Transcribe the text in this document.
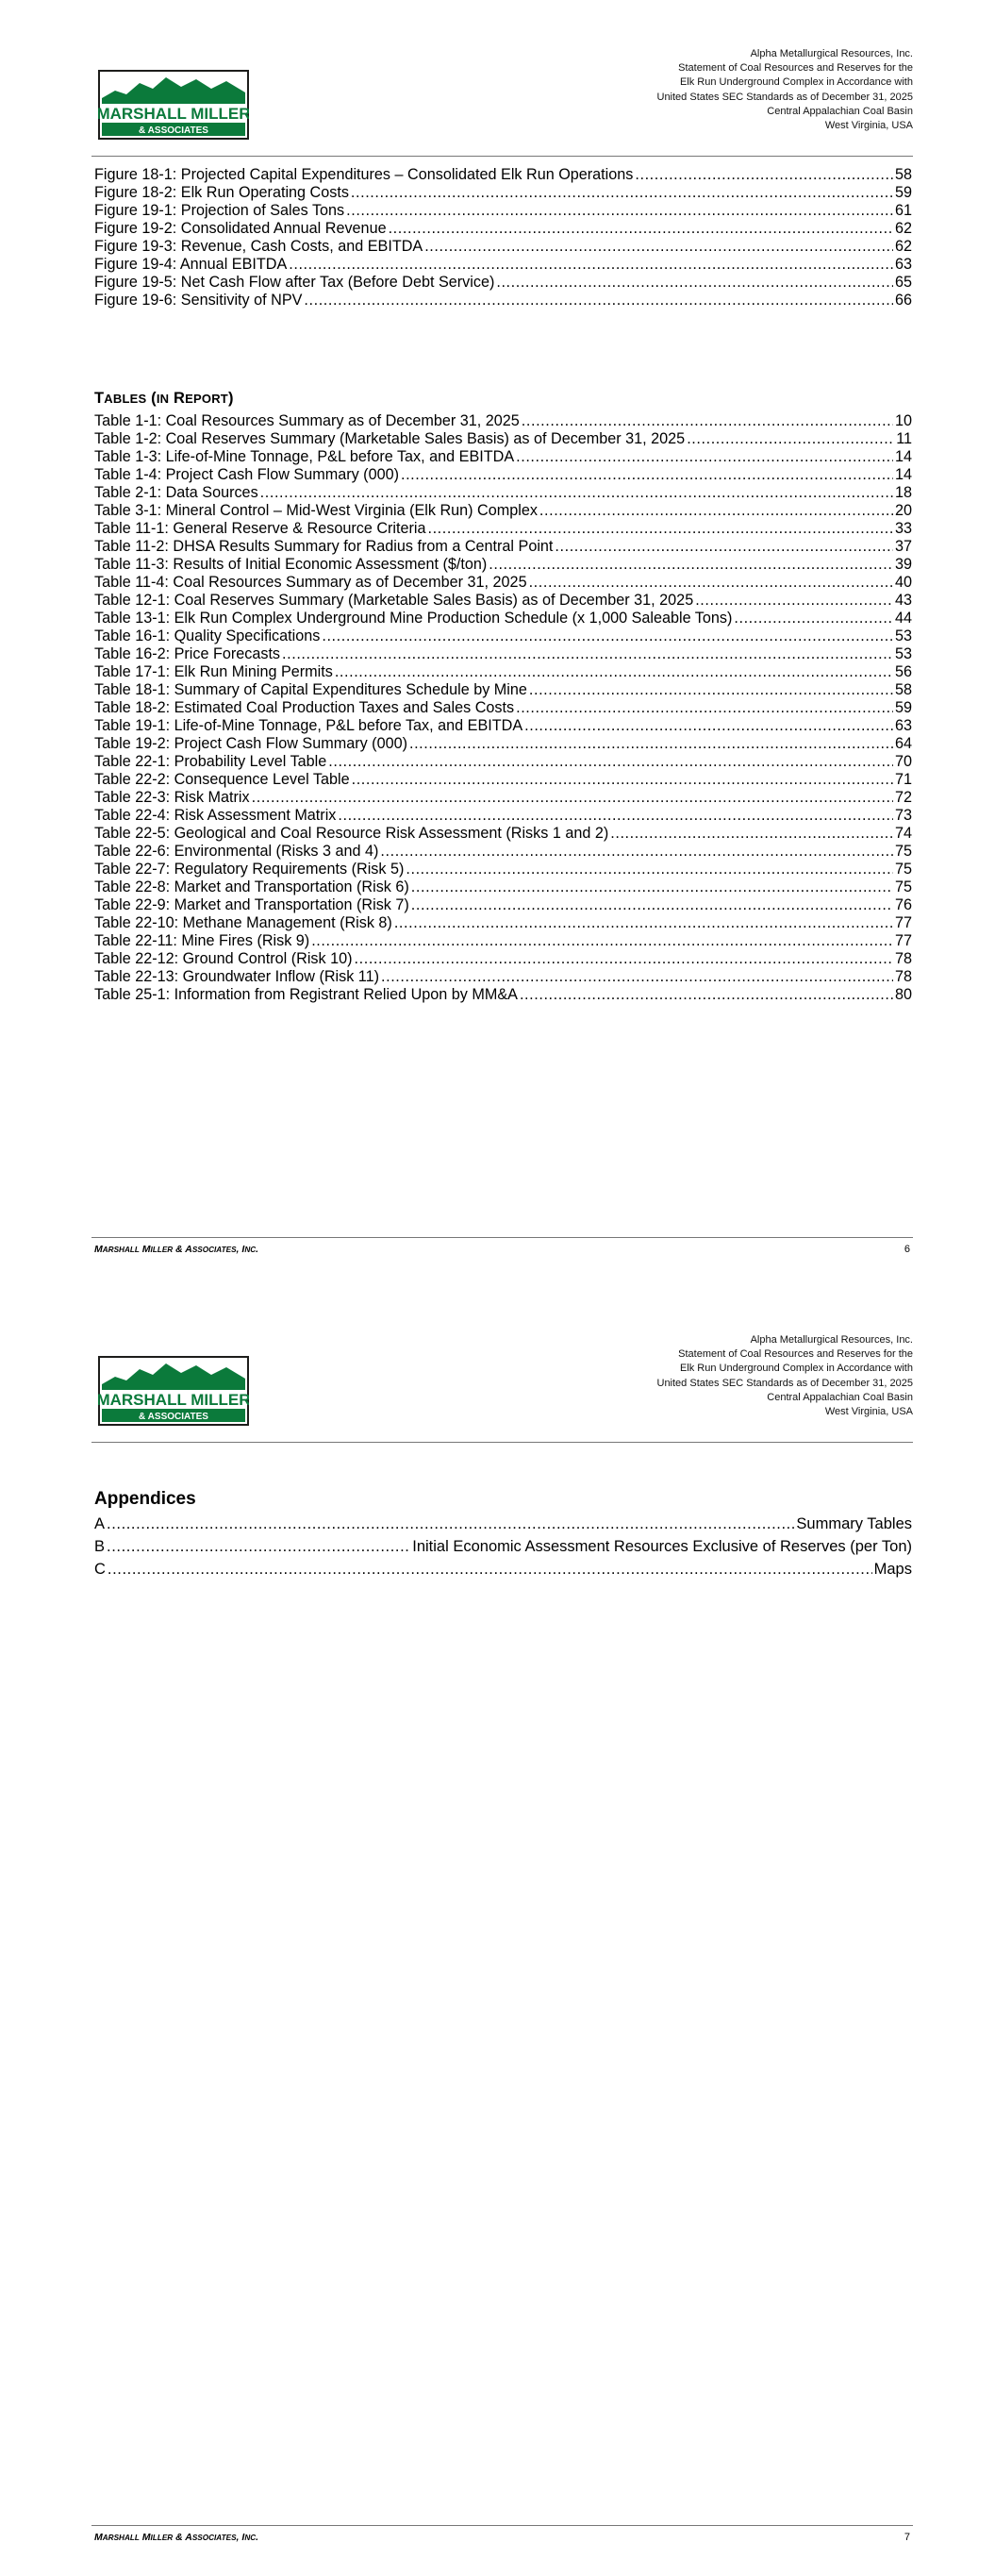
MARSHALL MILLER
& ASSOCIATES
Alpha Metallurgical Resources, Inc.
Statement of Coal Resources and Reserves for the
Elk Run Underground Complex in Accordance with
United States SEC Standards as of December 31, 2025
Central Appalachian Coal Basin
West Virginia, USA
Figure 18-1: Projected Capital Expenditures – Consolidated Elk Run Operations .....	58
Figure 18-2: Elk Run Operating Costs .....	59
Figure 19-1: Projection of Sales Tons .....	61
Figure 19-2: Consolidated Annual Revenue .....	62
Figure 19-3: Revenue, Cash Costs, and EBITDA .....	62
Figure 19-4: Annual EBITDA .....	63
Figure 19-5: Net Cash Flow after Tax (Before Debt Service) .....	65
Figure 19-6: Sensitivity of NPV .....	66
TABLES (IN REPORT)
Table 1-1: Coal Resources Summary as of December 31, 2025 .....	10
Table 1-2: Coal Reserves Summary (Marketable Sales Basis) as of December 31, 2025 .....	11
Table 1-3: Life-of-Mine Tonnage, P&L before Tax, and EBITDA .....	14
Table 1-4: Project Cash Flow Summary (000) .....	14
Table 2-1: Data Sources .....	18
Table 3-1: Mineral Control – Mid-West Virginia (Elk Run) Complex .....	20
Table 11-1: General Reserve & Resource Criteria .....	33
Table 11-2: DHSA Results Summary for Radius from a Central Point .....	37
Table 11-3: Results of Initial Economic Assessment ($/ton) .....	39
Table 11-4: Coal Resources Summary as of December 31, 2025 .....	40
Table 12-1: Coal Reserves Summary (Marketable Sales Basis) as of December 31, 2025 .....	43
Table 13-1: Elk Run Complex Underground Mine Production Schedule (x 1,000 Saleable Tons) .....	44
Table 16-1: Quality Specifications .....	53
Table 16-2: Price Forecasts .....	53
Table 17-1: Elk Run Mining Permits .....	56
Table 18-1: Summary of Capital Expenditures Schedule by Mine .....	58
Table 18-2: Estimated Coal Production Taxes and Sales Costs .....	59
Table 19-1: Life-of-Mine Tonnage, P&L before Tax, and EBITDA .....	63
Table 19-2: Project Cash Flow Summary (000) .....	64
Table 22-1: Probability Level Table .....	70
Table 22-2: Consequence Level Table .....	71
Table 22-3: Risk Matrix .....	72
Table 22-4: Risk Assessment Matrix .....	73
Table 22-5: Geological and Coal Resource Risk Assessment (Risks 1 and 2) .....	74
Table 22-6: Environmental (Risks 3 and 4) .....	75
Table 22-7: Regulatory Requirements (Risk 5) .....	75
Table 22-8: Market and Transportation (Risk 6) .....	75
Table 22-9: Market and Transportation (Risk 7) .....	76
Table 22-10: Methane Management (Risk 8) .....	77
Table 22-11: Mine Fires (Risk 9) .....	77
Table 22-12: Ground Control (Risk 10) .....	78
Table 22-13: Groundwater Inflow (Risk 11) .....	78
Table 25-1: Information from Registrant Relied Upon by MM&A .....	80
MARSHALL MILLER & ASSOCIATES, INC.	6
MARSHALL MILLER
& ASSOCIATES
Alpha Metallurgical Resources, Inc.
Statement of Coal Resources and Reserves for the
Elk Run Underground Complex in Accordance with
United States SEC Standards as of December 31, 2025
Central Appalachian Coal Basin
West Virginia, USA
Appendices
A .....	Summary Tables
B .....	Initial Economic Assessment Resources Exclusive of Reserves (per Ton)
C .....	Maps
MARSHALL MILLER & ASSOCIATES, INC.	7
